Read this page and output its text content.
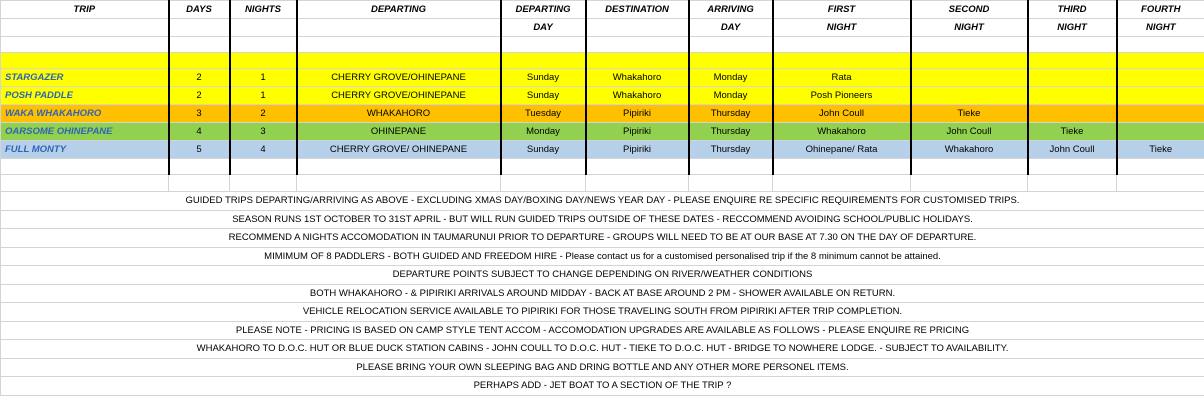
TRIP	DAYS	NIGHTS	DEPARTING	DEPARTING	DESTINATION	ARRIVING	FIRST	SECOND	THIRD	FOURTH
				DAY		DAY	NIGHT	NIGHT	NIGHT	NIGHT

STARGAZER	2	1	CHERRY GROVE/OHINEPANE	Sunday	Whakahoro	Monday	Rata			
POSH PADDLE	2	1	CHERRY GROVE/OHINEPANE	Sunday	Whakahoro	Monday	Posh Pioneers			
WAKA WHAKAHORO	3	2	WHAKAHORO	Tuesday	Pipiriki	Thursday	John Coull	Tieke		
OARSOME OHINEPANE	4	3	OHINEPANE	Monday	Pipiriki	Thursday	Whakahoro	John Coull	Tieke	
FULL MONTY	5	4	CHERRY GROVE/ OHINEPANE	Sunday	Pipiriki	Thursday	Ohinepane/ Rata	Whakahoro	John Coull	Tieke

GUIDED TRIPS DEPARTING/ARRIVING AS ABOVE - EXCLUDING XMAS DAY/BOXING DAY/NEWS YEAR DAY - PLEASE ENQUIRE RE SPECIFIC REQUIREMENTS FOR CUSTOMISED TRIPS.										
SEASON RUNS 1ST OCTOBER TO 31ST APRIL - BUT WILL RUN GUIDED TRIPS OUTSIDE OF THESE DATES - RECCOMMEND AVOIDING SCHOOL/PUBLIC HOLIDAYS.										
RECOMMEND A NIGHTS ACCOMODATION IN TAUMARUNUI PRIOR TO DEPARTURE - GROUPS WILL NEED TO BE AT OUR BASE AT 7.30 ON THE DAY OF DEPARTURE.										
MIMIMUM OF 8 PADDLERS - BOTH GUIDED AND FREEDOM HIRE - Please contact us for a customised personalised trip if the 8 minimum cannot be attained.										
DEPARTURE POINTS SUBJECT TO CHANGE DEPENDING ON RIVER/WEATHER CONDITIONS										
BOTH WHAKAHORO - & PIPIRIKI ARRIVALS AROUND MIDDAY - BACK AT BASE AROUND 2 PM - SHOWER AVAILABLE ON RETURN.										
VEHICLE RELOCATION SERVICE AVAILABLE TO PIPIRIKI FOR THOSE TRAVELING SOUTH FROM PIPIRIKI AFTER TRIP COMPLETION.										
PLEASE NOTE - PRICING IS BASED ON CAMP STYLE TENT ACCOM - ACCOMODATION UPGRADES ARE AVAILABLE AS FOLLOWS - PLEASE ENQUIRE RE PRICING										
WHAKAHORO TO D.O.C. HUT OR BLUE DUCK STATION CABINS - JOHN COULL TO D.O.C. HUT - TIEKE TO D.O.C. HUT - BRIDGE TO NOWHERE LODGE. - SUBJECT TO AVAILABILITY.										
PLEASE BRING YOUR OWN SLEEPING BAG AND DRING BOTTLE AND ANY OTHER MORE PERSONEL ITEMS.										
PERHAPS ADD - JET BOAT TO A SECTION OF THE TRIP ?										
